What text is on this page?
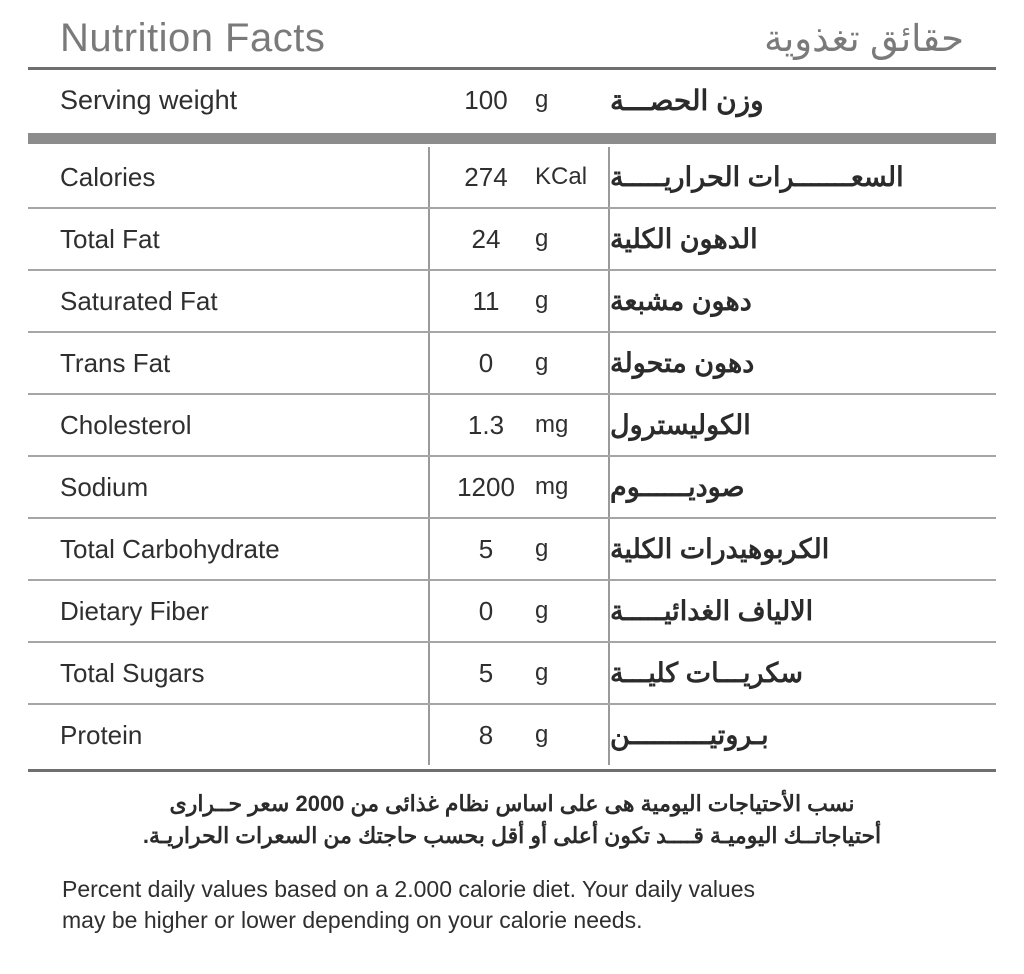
Nutrition Facts	حقائق تغذوية
Serving weight	100	g	وزن الحصـــة
Calories	274	KCal السعـــــــرات الحراريـــــة
Total Fat	24	g	الدهون الكلية
Saturated Fat	11	g	دهون مشبعة
Trans Fat	0	g	دهون متحولة
Cholesterol	1.3	mg	الكوليسترول
Sodium	1200 mg	صوديــــــوم
Total Carbohydrate	5	g	الكربوهيدرات الكلية
Dietary Fiber	0	g	الالياف الغدائيـــــة
Total Sugars	5	g	سكريـــات كليـــة
Protein	8	g	بـروتيــــــــــن
نسب الأحتياجات اليومية هى على اساس نظام غذائى من 2000 سعر حــرارى
أحتياجاتــك اليوميـة قــــد تكون أعلى أو أقل بحسب حاجتك من السعرات الحراريـة.
Percent daily values based on a 2.000 calorie diet. Your daily values
may be higher or lower depending on your calorie needs.
